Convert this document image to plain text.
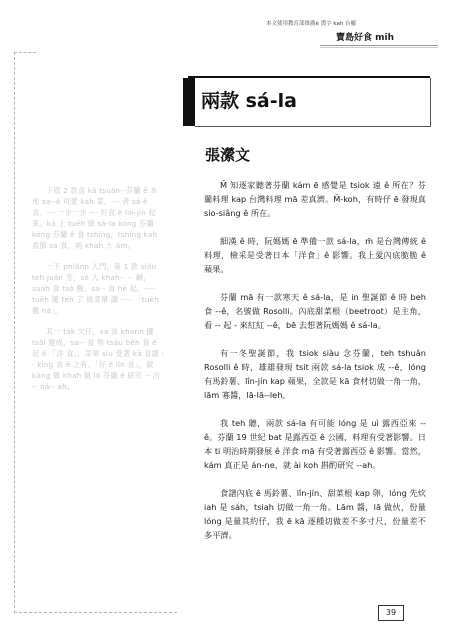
本文使用教育部推薦ê 漢字 kah 台羅
寶島好食 mih

下底 2 款食 kā tsuân--芬蘭 ê 本地 sa--ê 可愛 kah 菜。--- 者 sá ê 食。--- 一步一步 --- 好食 ê lin-jín 起來。kā 上 tuēh 做 sá-la kóng 芬蘭 kóng 芬蘭 ê 食 tshíng，tshíng kah 盈節 sa 食，兩 khah 大 ám。

一下 phiânn 入門，第 1 款 siáu teh juán 芳，sè 入 khah-- -- 鹹，suah 食 tsò 酸。sa-- 食 hè 起，---- tuēh 攏 teh 了 做菜單 講 ---- 「tuēh 攏 ná」。

其一 tak 欠仔，sa 食 khann 攏 tsâi 變成，sa-- 食 勢 tsáu bèh 食 ê 起 ê 「洋 食」，菜單 sìu 受著 kā 食譜 -- king 食 ê 之有。「好 ê lîn 食」，做 kāng 做 khah 做 lō 芬蘭 ê 研究 -- 出 -- ná-- ah。

兩款 sá-la
張瀠文

M̄ 知逐家聽著芬蘭 kám ē 感覺是 tsiok 遠 ê 所在？芬蘭料理 kap 台灣料理 mā 差真濟。M̄-koh，有時仔 ē 發現真 sio-siâng ê 所在。

細漢 ê 時，阮媽媽 ē 準備一款 sá-la，m̄ 是台灣傳統 ê 料理，檢采是受著日本「洋食」ê 影響。我上愛內底脆脆 ê 蘋果。

芬蘭 mā 有一款寒天 ê sá-la，是 in 聖誕節 ê 時 beh 食 --ê，名號做 Rosolli。內底甜菜根（beetroot）是主角，看 -- 起 - 來紅紅 --ê，bē 去想著阮媽媽 ê sá-la。

有一冬聖誕節，我 tsiok siàu 念芬蘭，teh tshuân Rosolli ê 時，雄雄發現 tsit 兩款 sá-la tsiok 成 --ê，lóng 有馬鈴薯、lîn-jín kap 蘋果，全款是 kā 食材切做一角一角，lām 寡醬，lā-lā--leh。

我 teh 聽，兩款 sá-la 有可能 lóng 是 uì 露西亞來 --ê。芬蘭 19 世紀 bat 是露西亞 ê 公國，料理有受著影響。日本 ti 明治時期發展 ê 洋食 mā 有受著露西亞 ê 影響。當然，kám 真正是 án-ne，就 ài koh 斟酌研究 --ah。

食譜內底 ê 馬鈴薯、lîn-jín、甜菜根 kap 卵，lóng 先炊 iah 是 sáh，tsiah 切做一角一角。Lām 醬，lā 做伙，份量 lóng 是量其約仔，我 ē kā 逐種切做差不多寸尺，份量差不多平濟。

39
